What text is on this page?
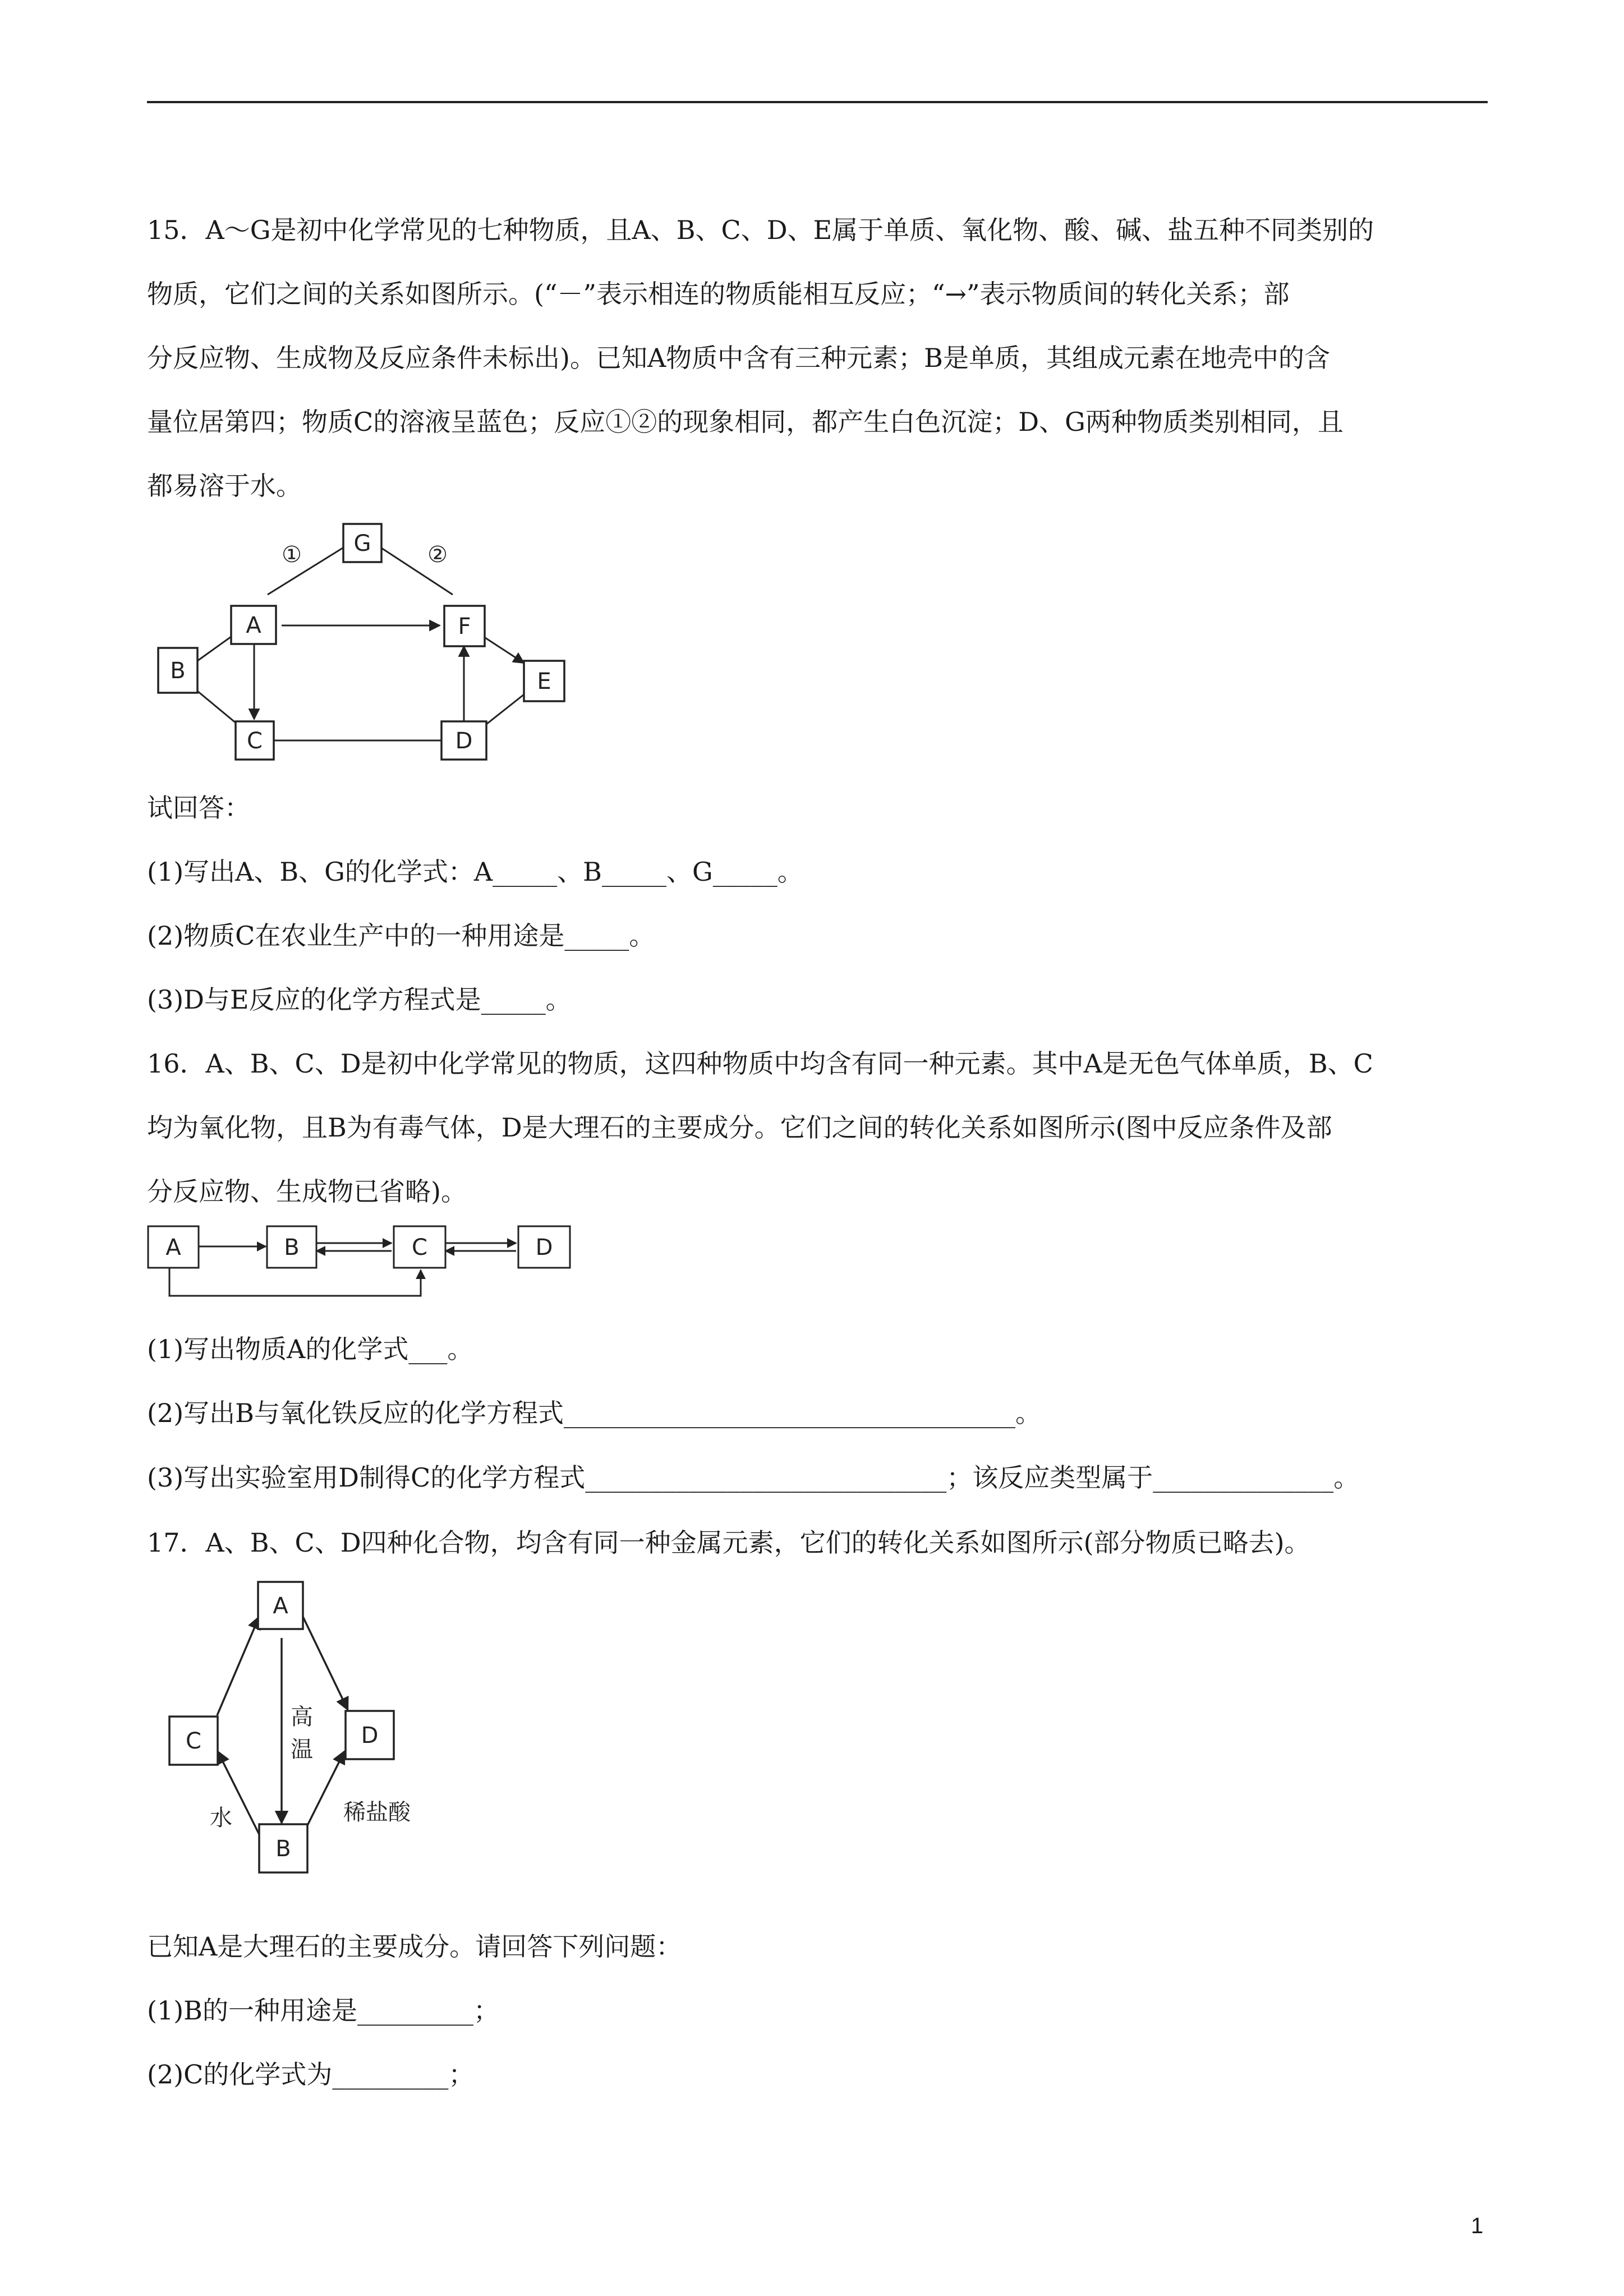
15．A～G是初中化学常见的七种物质，且A、B、C、D、E属于单质、氧化物、酸、碱、盐五种不同类别的
物质，它们之间的关系如图所示。(“－”表示相连的物质能相互反应；“→”表示物质间的转化关系；部
分反应物、生成物及反应条件未标出)。已知A物质中含有三种元素；B是单质，其组成元素在地壳中的含
量位居第四；物质C的溶液呈蓝色；反应①②的现象相同，都产生白色沉淀；D、G两种物质类别相同，且
都易溶于水。
G
A	F
B	E
C	D
①	②
试回答：
(1)写出A、B、G的化学式：A_____、B_____、G_____。
(2)物质C在农业生产中的一种用途是_____。
(3)D与E反应的化学方程式是_____。
16．A、B、C、D是初中化学常见的物质，这四种物质中均含有同一种元素。其中A是无色气体单质，B、C
均为氧化物，且B为有毒气体，D是大理石的主要成分。它们之间的转化关系如图所示(图中反应条件及部
分反应物、生成物已省略)。
A	B	C	D
(1)写出物质A的化学式___。
(2)写出B与氧化铁反应的化学方程式___________________________________。
(3)写出实验室用D制得C的化学方程式____________________________；该反应类型属于______________。
17．A、B、C、D四种化合物，均含有同一种金属元素，它们的转化关系如图所示(部分物质已略去)。
A
C	D
B
高
温
水	稀盐酸
已知A是大理石的主要成分。请回答下列问题：
(1)B的一种用途是_________；
(2)C的化学式为_________；
1
